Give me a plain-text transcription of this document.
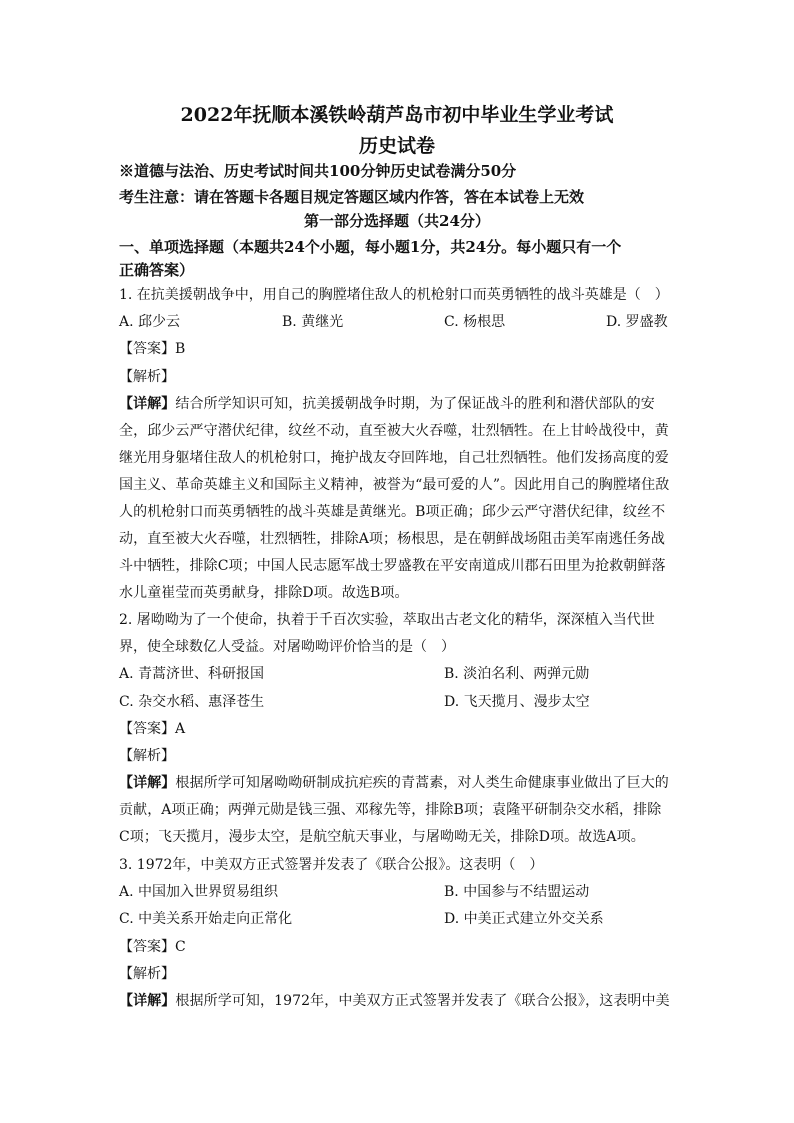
2022年抚顺本溪铁岭葫芦岛市初中毕业生学业考试
历史试卷
※道德与法治、历史考试时间共100分钟历史试卷满分50分
考生注意：请在答题卡各题目规定答题区域内作答，答在本试卷上无效
第一部分选择题（共24分）
一、单项选择题（本题共24个小题，每小题1分，共24分。每小题只有一个
正确答案）
1. 在抗美援朝战争中，用自己的胸膛堵住敌人的机枪射口而英勇牺牲的战斗英雄是（　）
A. 邱少云	B. 黄继光	C. 杨根思	D. 罗盛教
【答案】B
【解析】
【详解】结合所学知识可知，抗美援朝战争时期，为了保证战斗的胜利和潜伏部队的安
全，邱少云严守潜伏纪律，纹丝不动，直至被大火吞噬，壮烈牺牲。在上甘岭战役中，黄
继光用身躯堵住敌人的机枪射口，掩护战友夺回阵地，自己壮烈牺牲。他们发扬高度的爱
国主义、革命英雄主义和国际主义精神，被誉为“最可爱的人”。因此用自己的胸膛堵住敌
人的机枪射口而英勇牺牲的战斗英雄是黄继光。B项正确；邱少云严守潜伏纪律，纹丝不
动，直至被大火吞噬，壮烈牺牲，排除A项；杨根思，是在朝鲜战场阻击美军南逃任务战
斗中牺牲，排除C项；中国人民志愿军战士罗盛教在平安南道成川郡石田里为抢救朝鲜落
水儿童崔莹而英勇献身，排除D项。故选B项。
2. 屠呦呦为了一个使命，执着于千百次实验，萃取出古老文化的精华，深深植入当代世
界，使全球数亿人受益。对屠呦呦评价恰当的是（　）
A. 青蒿济世、科研报国	B. 淡泊名利、两弹元勋
C. 杂交水稻、惠泽苍生	D. 飞天揽月、漫步太空
【答案】A
【解析】
【详解】根据所学可知屠呦呦研制成抗疟疾的青蒿素，对人类生命健康事业做出了巨大的
贡献，A项正确；两弹元勋是钱三强、邓稼先等，排除B项；袁隆平研制杂交水稻，排除
C项；飞天揽月，漫步太空，是航空航天事业，与屠呦呦无关，排除D项。故选A项。
3. 1972年，中美双方正式签署并发表了《联合公报》。这表明（　）
A. 中国加入世界贸易组织	B. 中国参与不结盟运动
C. 中美关系开始走向正常化	D. 中美正式建立外交关系
【答案】C
【解析】
【详解】根据所学可知，1972年，中美双方正式签署并发表了《联合公报》，这表明中美
